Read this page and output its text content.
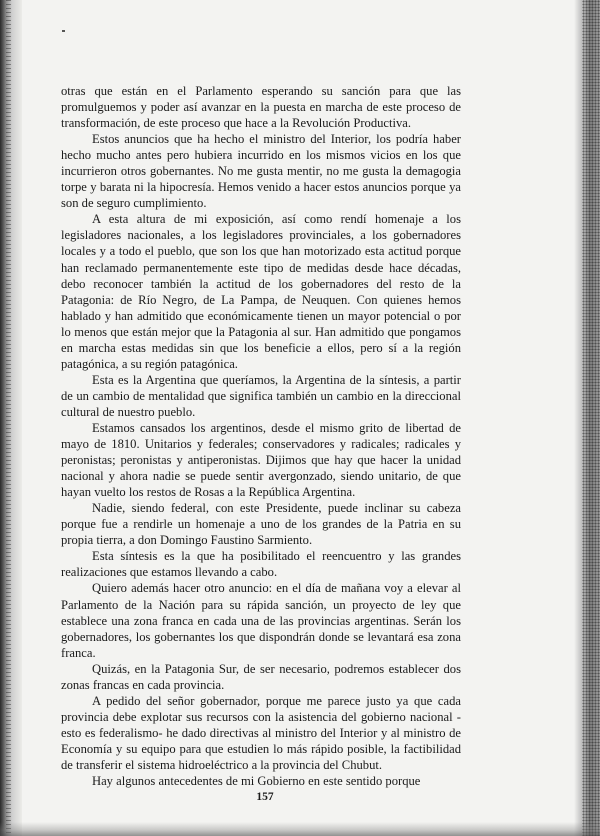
otras que están en el Parlamento esperando su sanción para que las promulguemos y poder así avanzar en la puesta en marcha de este proceso de transformación, de este proceso que hace a la Revolución Productiva.

Estos anuncios que ha hecho el ministro del Interior, los podría haber hecho mucho antes pero hubiera incurrido en los mismos vicios en los que incurrieron otros gobernantes. No me gusta mentir, no me gusta la demagogia torpe y barata ni la hipocresía. Hemos venido a hacer estos anuncios porque ya son de seguro cumplimiento.

A esta altura de mi exposición, así como rendí homenaje a los legisladores nacionales, a los legisladores provinciales, a los gobernadores locales y a todo el pueblo, que son los que han motorizado esta actitud porque han reclamado permanentemente este tipo de medidas desde hace décadas, debo reconocer también la actitud de los gobernadores del resto de la Patagonia: de Río Negro, de La Pampa, de Neuquen. Con quienes hemos hablado y han admitido que económicamente tienen un mayor potencial o por lo menos que están mejor que la Patagonia al sur. Han admitido que pongamos en marcha estas medidas sin que los beneficie a ellos, pero sí a la región patagónica, a su región patagónica.

Esta es la Argentina que queríamos, la Argentina de la síntesis, a partir de un cambio de mentalidad que significa también un cambio en la direccional cultural de nuestro pueblo.

Estamos cansados los argentinos, desde el mismo grito de libertad de mayo de 1810. Unitarios y federales; conservadores y radicales; radicales y peronistas; peronistas y antiperonistas. Dijimos que hay que hacer la unidad nacional y ahora nadie se puede sentir avergonzado, siendo unitario, de que hayan vuelto los restos de Rosas a la República Argentina.

Nadie, siendo federal, con este Presidente, puede inclinar su cabeza porque fue a rendirle un homenaje a uno de los grandes de la Patria en su propia tierra, a don Domingo Faustino Sarmiento.

Esta síntesis es la que ha posibilitado el reencuentro y las grandes realizaciones que estamos llevando a cabo.

Quiero además hacer otro anuncio: en el día de mañana voy a elevar al Parlamento de la Nación para su rápida sanción, un proyecto de ley que establece una zona franca en cada una de las provincias argentinas. Serán los gobernadores, los gobernantes los que dispondrán donde se levantará esa zona franca.

Quizás, en la Patagonia Sur, de ser necesario, podremos establecer dos zonas francas en cada provincia.

A pedido del señor gobernador, porque me parece justo ya que cada provincia debe explotar sus recursos con la asistencia del gobierno nacional - esto es federalismo- he dado directivas al ministro del Interior y al ministro de Economía y su equipo para que estudien lo más rápido posible, la factibilidad de transferir el sistema hidroeléctrico a la provincia del Chubut.

Hay algunos antecedentes de mi Gobierno en este sentido porque

157
